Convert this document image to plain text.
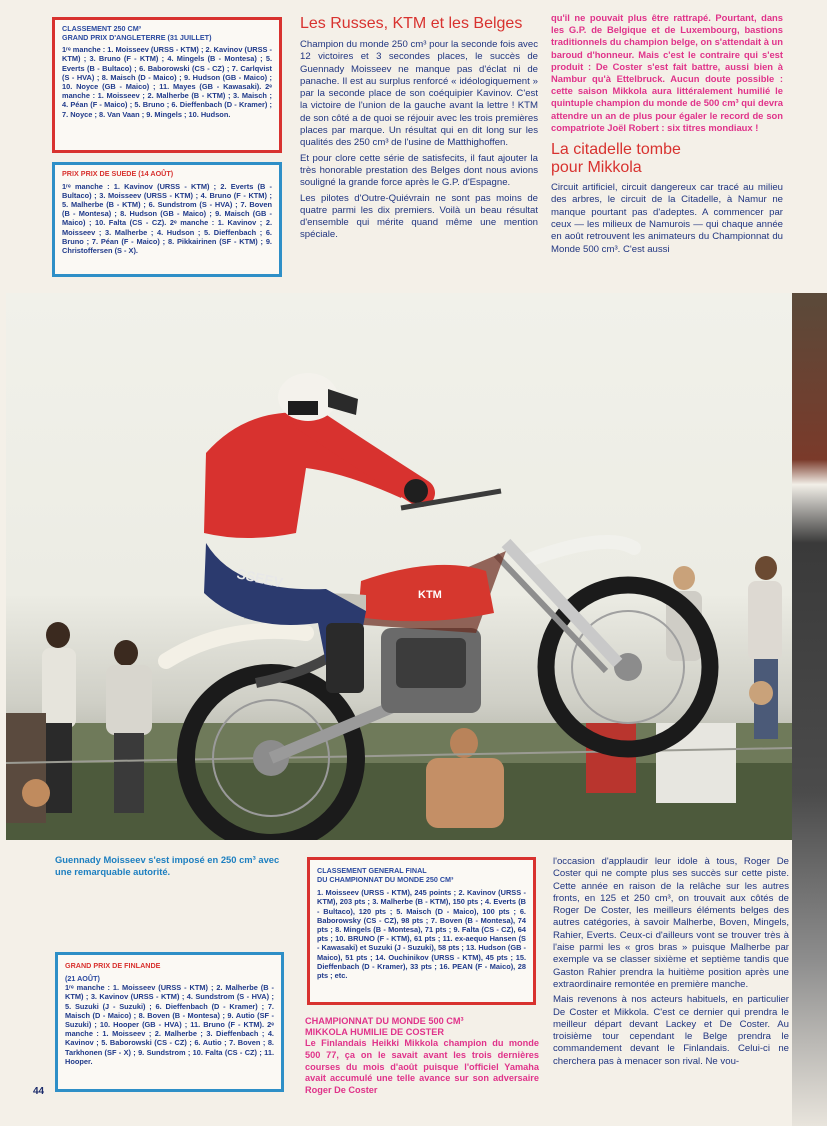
CLASSEMENT 250 CM³
GRAND PRIX D'ANGLETERRE (31 JUILLET)

1ʳᵉ manche : 1. Moisseev (URSS - KTM) ; 2. Kavinov (URSS - KTM) ; 3. Bruno (F - KTM) ; 4. Mingels (B - Montesa) ; 5. Everts (B - Bultaco) ; 6. Baborowski (CS - CZ) ; 7. Carlqvist (S - HVA) ; 8. Maisch (D - Maico) ; 9. Hudson (GB - Maico) ; 10. Noyce (GB - Maico) ; 11. Mayes (GB - Kawasaki). 2ᵉ manche : 1. Moisseev ; 2. Malherbe (B - KTM) ; 3. Maisch ; 4. Péan (F - Maico) ; 5. Bruno ; 6. Dieffenbach (D - Kramer) ; 7. Noyce ; 8. Van Vaan ; 9. Mingels ; 10. Hudson.

PRIX PRIX DE SUEDE (14 AOÛT)

1ʳᵉ manche : 1. Kavinov (URSS - KTM) ; 2. Everts (B - Bultaco) ; 3. Moisseev (URSS - KTM) ; 4. Bruno (F - KTM) ; 5. Malherbe (B - KTM) ; 6. Sundstrom (S - HVA) ; 7. Boven (B - Montesa) ; 8. Hudson (GB - Maico) ; 9. Maisch (GB - Maico) ; 10. Falta (CS - CZ). 2ᵉ manche : 1. Kavinov ; 2. Moisseev ; 3. Malherbe ; 4. Hudson ; 5. Dieffenbach ; 6. Bruno ; 7. Péan (F - Maico) ; 8. Pikkairinen (SF - KTM) ; 9. Christoffersen (S - X).

Les Russes, KTM et les Belges

Champion du monde 250 cm³ pour la seconde fois avec 12 victoires et 3 secondes places, le succès de Guennady Moisseev ne manque pas d'éclat ni de panache. Il est au surplus renforcé « idéologiquement » par la seconde place de son coéquipier Kavinov. C'est la victoire de l'union de la gauche avant la lettre ! KTM de son côté a de quoi se réjouir avec les trois premières places par marque. Un résultat qui en dit long sur les qualités des 250 cm³ de l'usine de Matthighoffen.

Et pour clore cette série de satisfecits, il faut ajouter la très honorable prestation des Belges dont nous avions souligné la grande force après le G.P. d'Espagne.

Les pilotes d'Outre-Quiévrain ne sont pas moins de quatre parmi les dix premiers. Voilà un beau résultat d'ensemble qui mérite quand même une mention spéciale.

qu'il ne pouvait plus être rattrapé. Pourtant, dans les G.P. de Belgique et de Luxembourg, bastions traditionnels du champion belge, on s'attendait à un baroud d'honneur. Mais c'est le contraire qui s'est produit : De Coster s'est fait battre, aussi bien à Nambur qu'à Ettelbruck. Aucun doute possible : cette saison Mikkola aura littéralement humilié le quintuple champion du monde de 500 cm³ qui devra attendre un an de plus pour égaler le record de son compatriote Joël Robert : six titres mondiaux !

La citadelle tombe pour Mikkola

Circuit artificiel, circuit dangereux car tracé au milieu des arbres, le circuit de la Citadelle, à Namur ne manque pourtant pas d'adeptes. A commencer par ceux — les milieux de Namurois — qui chaque année en août retrouvent les animateurs du Championnat du Monde 500 cm³. C'est aussi

KTM
SSEEV

Guennady Moisseev s'est imposé en 250 cm³ avec une remarquable autorité.

GRAND PRIX DE FINLANDE
(21 AOÛT)

1ʳᵉ manche : 1. Moisseev (URSS - KTM) ; 2. Malherbe (B - KTM) ; 3. Kavinov (URSS - KTM) ; 4. Sundstrom (S - HVA) ; 5. Suzuki (J - Suzuki) ; 6. Dieffenbach (D - Kramer) ; 7. Maisch (D - Maico) ; 8. Boven (B - Montesa) ; 9. Autio (SF - Suzuki) ; 10. Hooper (GB - HVA) ; 11. Bruno (F - KTM). 2ᵉ manche : 1. Moisseev ; 2. Malherbe ; 3. Dieffenbach ; 4. Kavinov ; 5. Baborowski (CS - CZ) ; 6. Autio ; 7. Boven ; 8. Tarkhonen (SF - X) ; 9. Sundstrom ; 10. Falta (CS - CZ) ; 11. Hooper.

CLASSEMENT GENERAL FINAL
DU CHAMPIONNAT DU MONDE 250 CM³

1. Moisseev (URSS - KTM), 245 points ; 2. Kavinov (URSS - KTM), 203 pts ; 3. Malherbe (B - KTM), 150 pts ; 4. Everts (B - Bultaco), 120 pts ; 5. Maisch (D - Maico), 100 pts ; 6. Baborowsky (CS - CZ), 98 pts ; 7. Boven (B - Montesa), 74 pts ; 8. Mingels (B - Montesa), 71 pts ; 9. Falta (CS - CZ), 64 pts ; 10. BRUNO (F - KTM), 61 pts ; 11. ex-aequo Hansen (S - Kawasaki) et Suzuki (J - Suzuki), 58 pts ; 13. Hudson (GB - Maico), 51 pts ; 14. Ouchinikov (URSS - KTM), 45 pts ; 15. Dieffenbach (D - Kramer), 33 pts ; 16. PEAN (F - Maico), 28 pts ; etc.

CHAMPIONNAT DU MONDE 500 CM³
MIKKOLA HUMILIE DE COSTER

Le Finlandais Heikki Mikkola champion du monde 500 77, ça on le savait avant les trois dernières courses du mois d'août puisque l'officiel Yamaha avait accumulé une telle avance sur son adversaire Roger De Coster

l'occasion d'applaudir leur idole à tous, Roger De Coster qui ne compte plus ses succès sur cette piste. Cette année en raison de la relâche sur les autres fronts, en 125 et 250 cm³, on trouvait aux côtés de Roger De Coster, les meilleurs éléments belges des autres catégories, à savoir Malherbe, Boven, Mingels, Rahier, Everts. Ceux-ci d'ailleurs vont se trouver très à l'aise parmi les « gros bras » puisque Malherbe par exemple va se classer sixième et septième tandis que Gaston Rahier prendra la huitième position après une extraordinaire remontée en première manche.

Mais revenons à nos acteurs habituels, en particulier De Coster et Mikkola. C'est ce dernier qui prendra le meilleur départ devant Lackey et De Coster. Au troisième tour cependant le Belge prendra le commandement devant le Finlandais. Celui-ci ne cherchera pas à menacer son rival. Ne vou-

44
